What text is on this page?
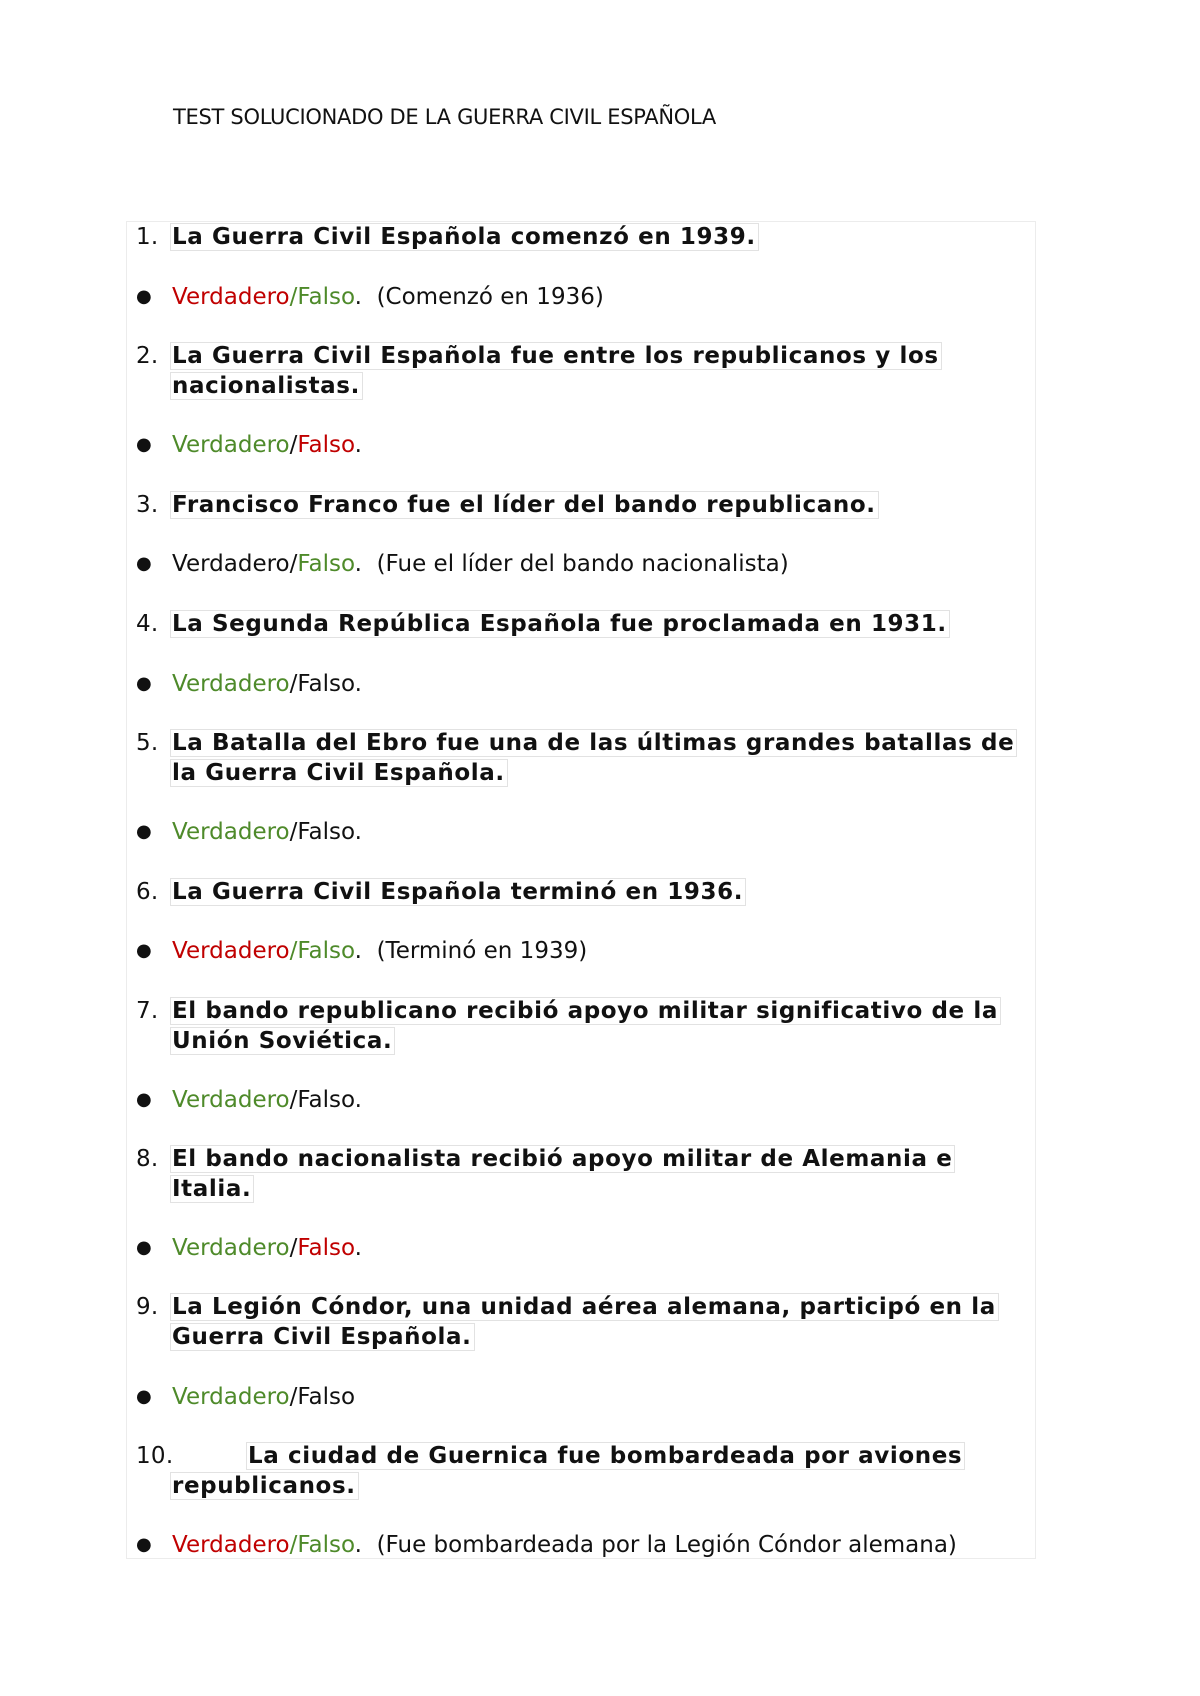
TEST SOLUCIONADO DE LA GUERRA CIVIL ESPAÑOLA
1. La Guerra Civil Española comenzó en 1939.
● Verdadero/Falso.  (Comenzó en 1936)
2. La Guerra Civil Española fue entre los republicanos y los nacionalistas.
● Verdadero/Falso.
3. Francisco Franco fue el líder del bando republicano.
● Verdadero/Falso.  (Fue el líder del bando nacionalista)
4. La Segunda República Española fue proclamada en 1931.
● Verdadero/Falso.
5. La Batalla del Ebro fue una de las últimas grandes batallas de la Guerra Civil Española.
● Verdadero/Falso.
6. La Guerra Civil Española terminó en 1936.
● Verdadero/Falso.  (Terminó en 1939)
7. El bando republicano recibió apoyo militar significativo de la Unión Soviética.
● Verdadero/Falso.
8. El bando nacionalista recibió apoyo militar de Alemania e Italia.
● Verdadero/Falso.
9. La Legión Cóndor, una unidad aérea alemana, participó en la Guerra Civil Española.
● Verdadero/Falso
10.	La ciudad de Guernica fue bombardeada por aviones republicanos.
● Verdadero/Falso.  (Fue bombardeada por la Legión Cóndor alemana)
